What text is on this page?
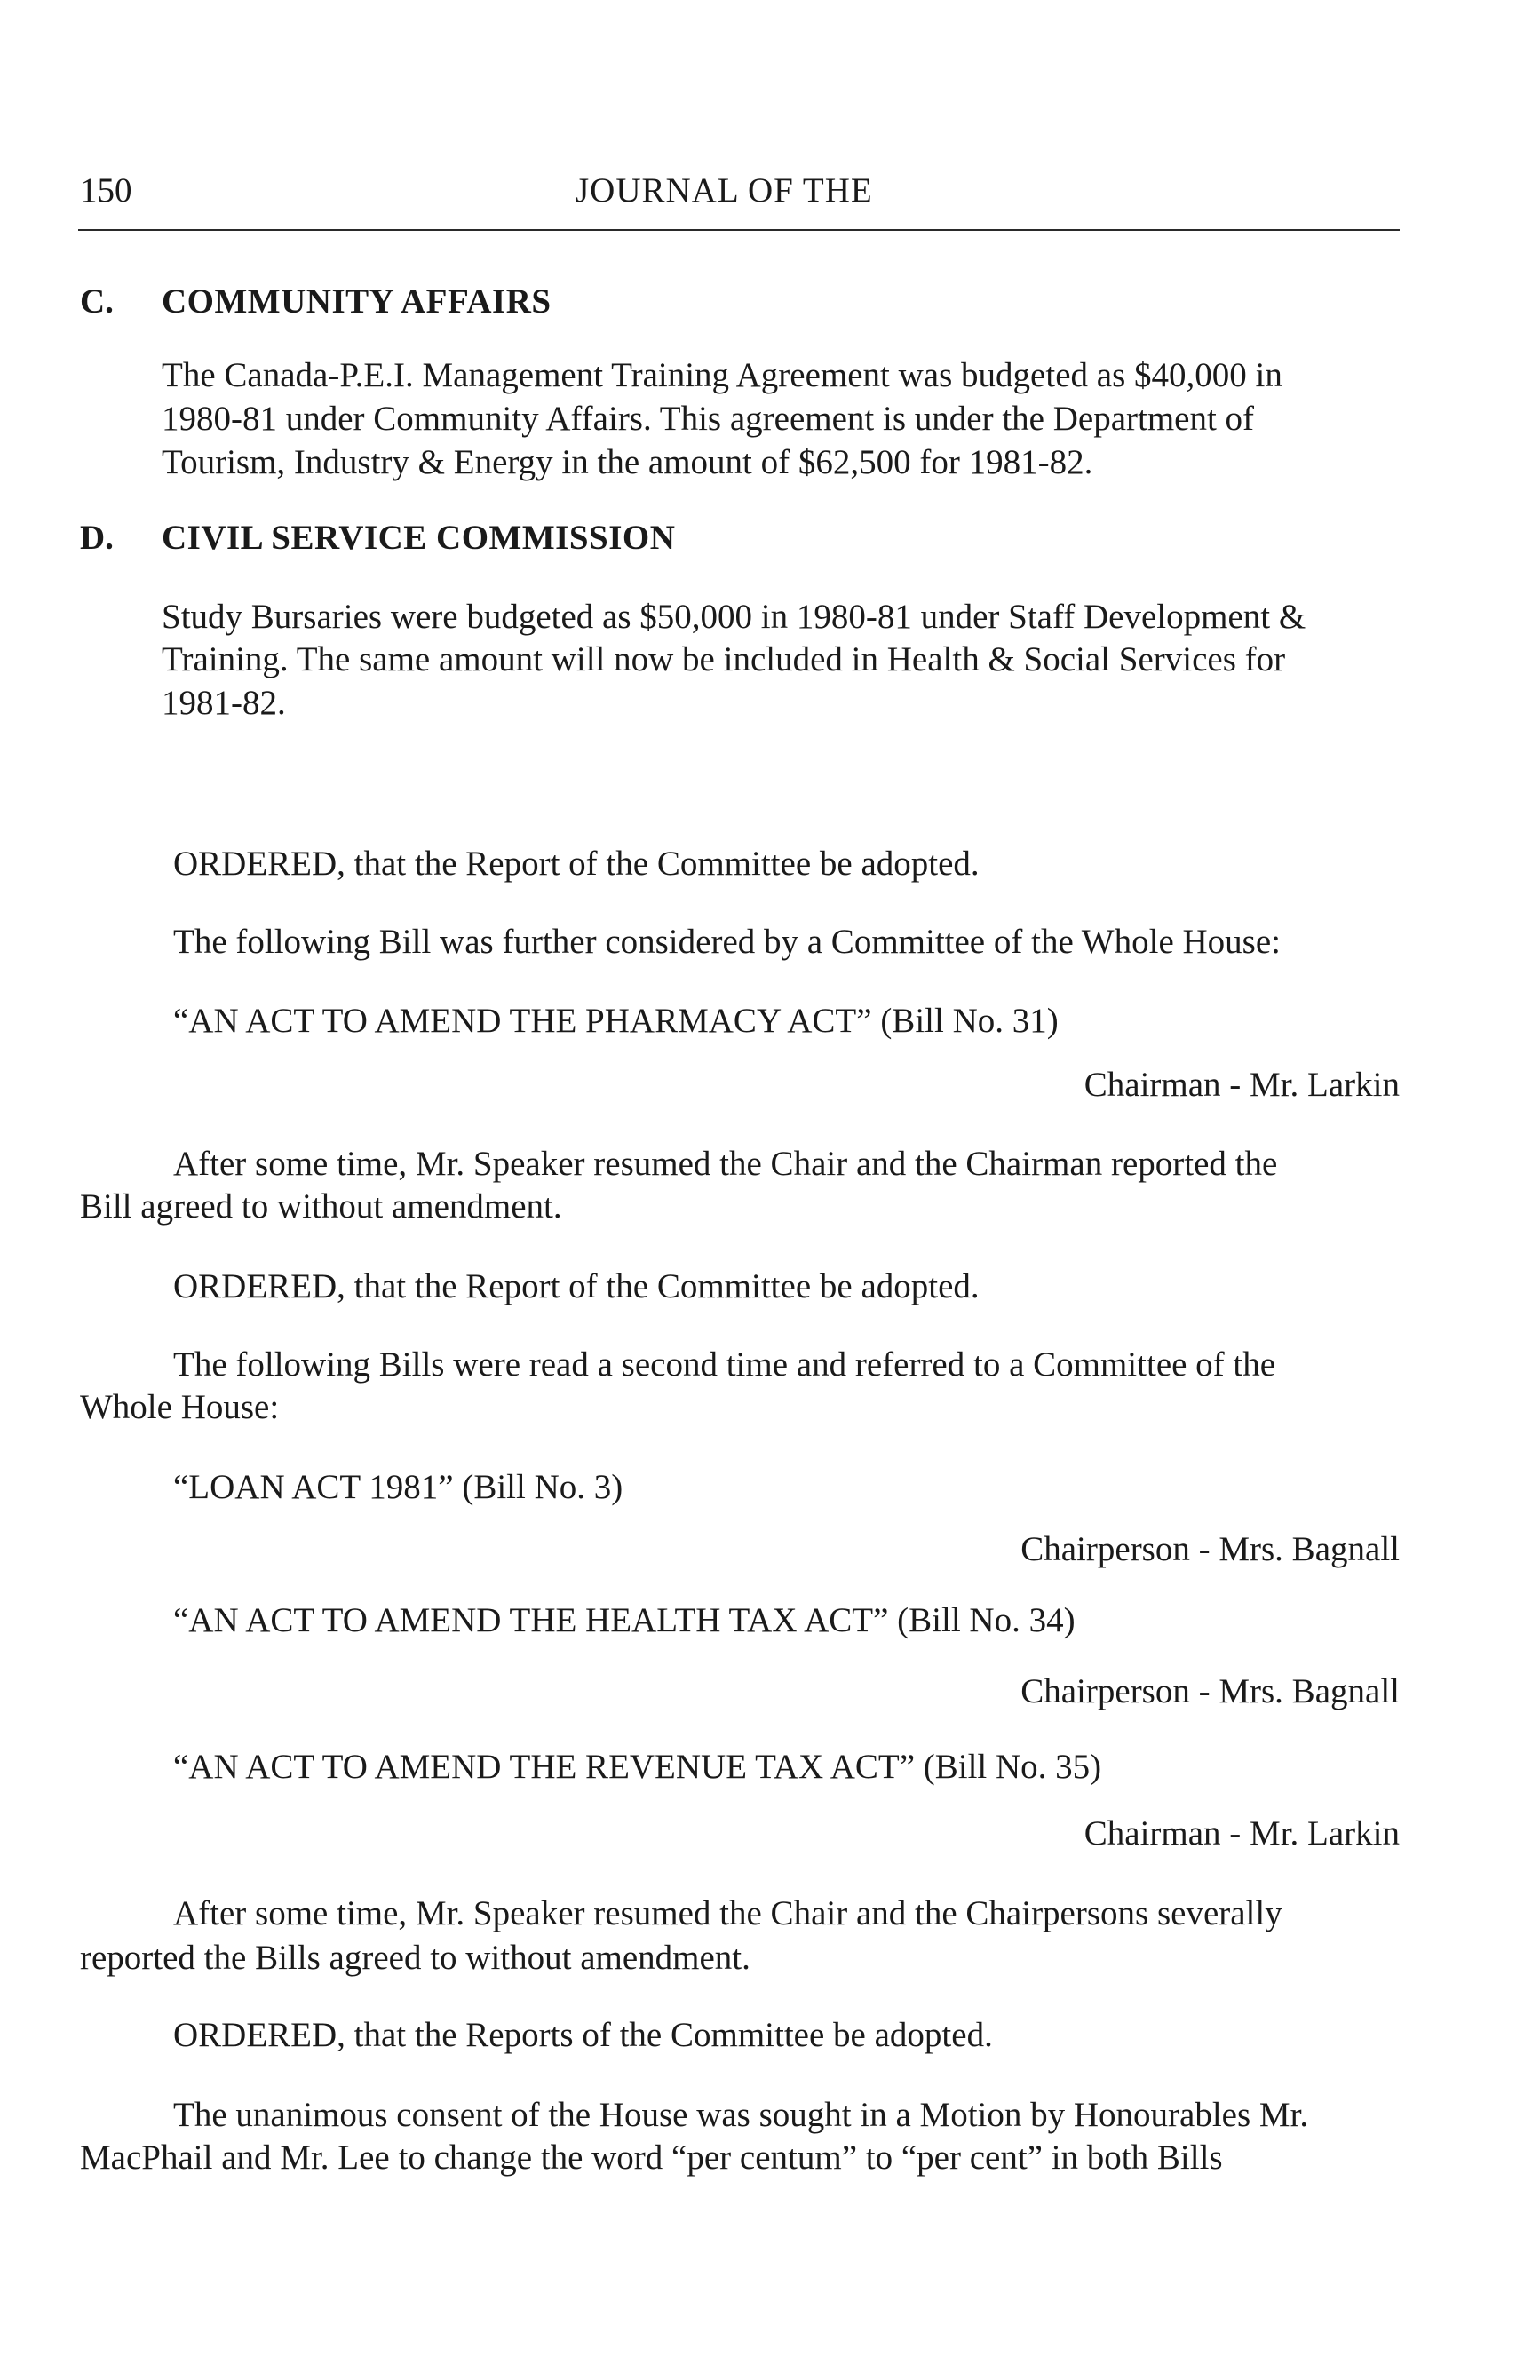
150	JOURNAL OF THE
C. COMMUNITY AFFAIRS
The Canada-P.E.I. Management Training Agreement was budgeted as $40,000 in
1980-81 under Community Affairs. This agreement is under the Department of
Tourism, Industry & Energy in the amount of $62,500 for 1981-82.
D. CIVIL SERVICE COMMISSION
Study Bursaries were budgeted as $50,000 in 1980-81 under Staff Development &
Training. The same amount will now be included in Health & Social Services for
1981-82.
ORDERED, that the Report of the Committee be adopted.
The following Bill was further considered by a Committee of the Whole House:
“AN ACT TO AMEND THE PHARMACY ACT” (Bill No. 31)
Chairman - Mr. Larkin
After some time, Mr. Speaker resumed the Chair and the Chairman reported the
Bill agreed to without amendment.
ORDERED, that the Report of the Committee be adopted.
The following Bills were read a second time and referred to a Committee of the
Whole House:
“LOAN ACT 1981” (Bill No. 3)
Chairperson - Mrs. Bagnall
“AN ACT TO AMEND THE HEALTH TAX ACT” (Bill No. 34)
Chairperson - Mrs. Bagnall
“AN ACT TO AMEND THE REVENUE TAX ACT” (Bill No. 35)
Chairman - Mr. Larkin
After some time, Mr. Speaker resumed the Chair and the Chairpersons severally
reported the Bills agreed to without amendment.
ORDERED, that the Reports of the Committee be adopted.
The unanimous consent of the House was sought in a Motion by Honourables Mr.
MacPhail and Mr. Lee to change the word “per centum” to “per cent” in both Bills
